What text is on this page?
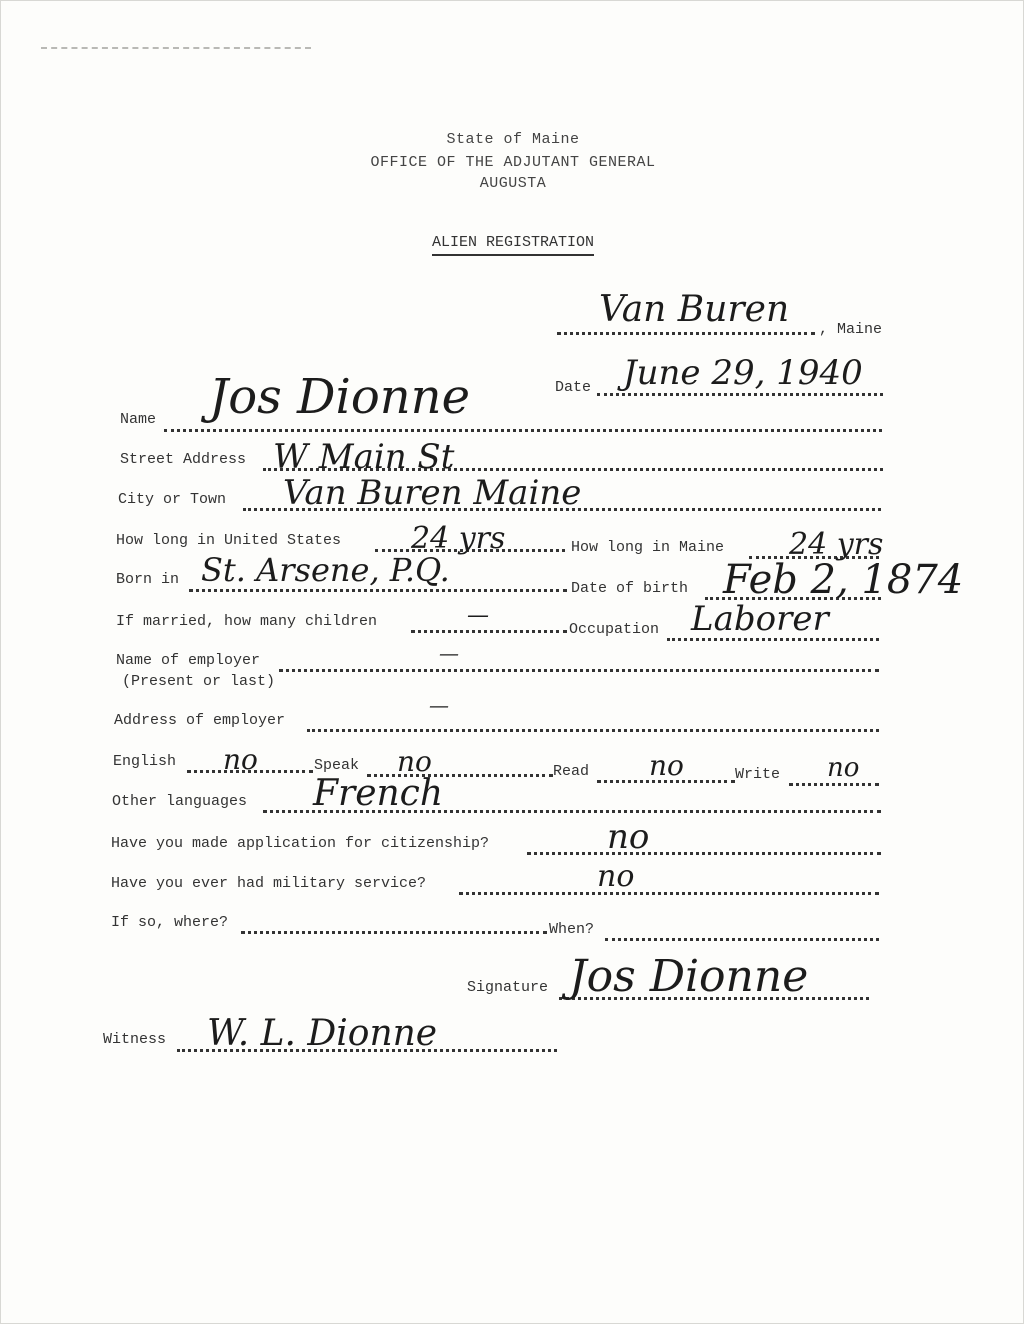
State of Maine
OFFICE OF THE ADJUTANT GENERAL
AUGUSTA
ALIEN REGISTRATION
Van Buren , Maine
Date June 29, 1940
Name Jos Dionne
Street Address W Main St
City or Town Van Buren Maine
How long in United States 24 yrs	How long in Maine 24 yrs
Born in St. Arsene, P.Q.	Date of birth Feb 2, 1874
If married, how many children	—
Occupation Laborer
Name of employer
(Present or last)
—
Address of employer
—
English no	Speak no	Read no	Write no
Other languages French
Have you made application for citizenship?	no
Have you ever had military service?	no
If so, where?	When?
Signature Jos Dionne
Witness W. L. Dionne
